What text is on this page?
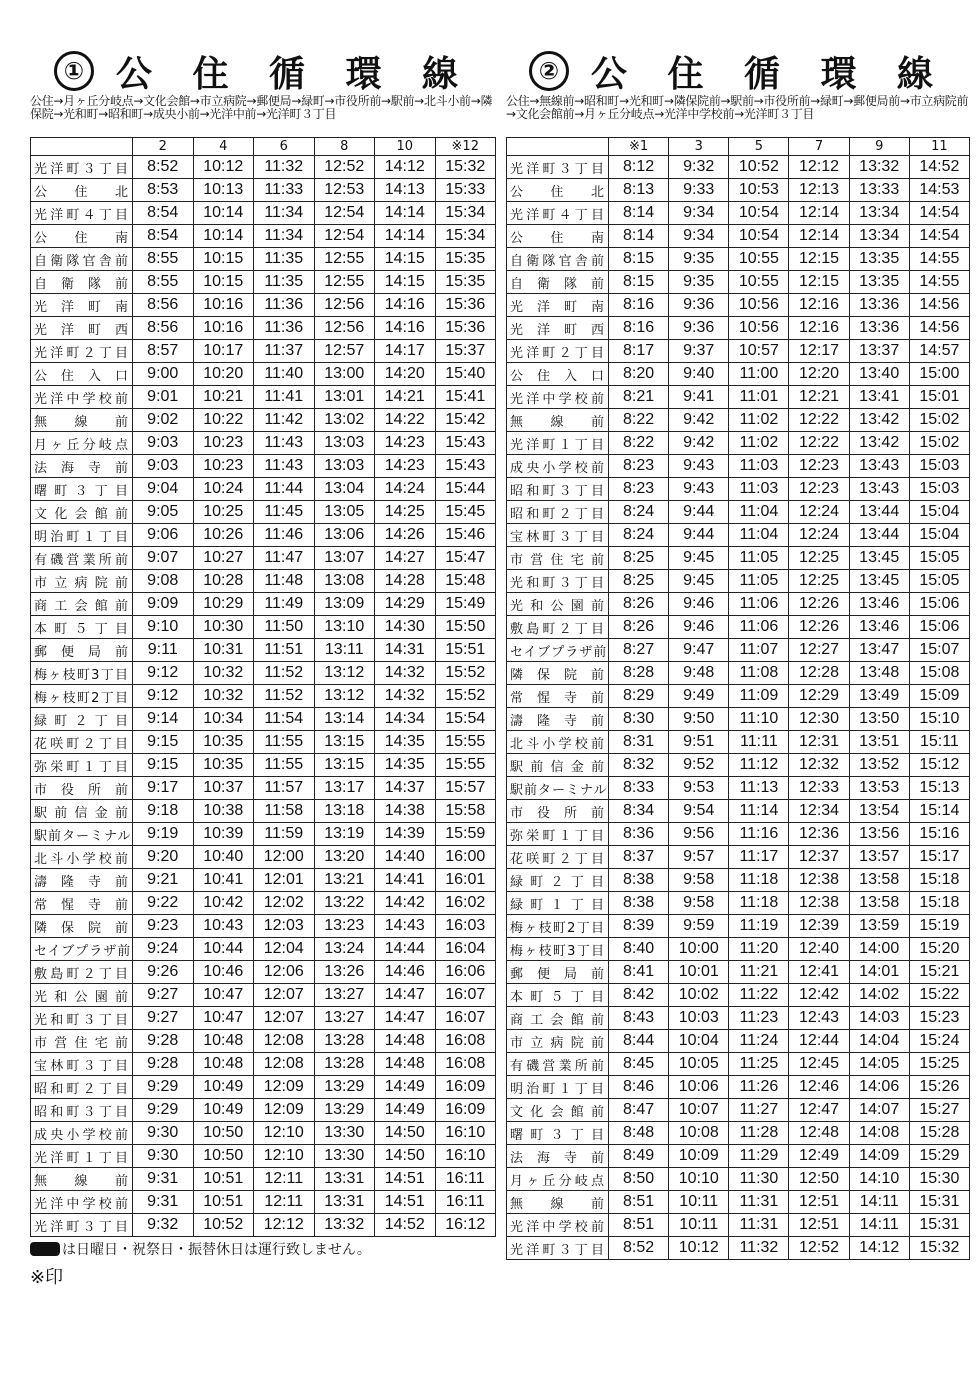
① 公 住 循 環 線
公住→月ヶ丘分岐点→文化会館→市立病院→郵便局→緑町→市役所前→駅前→北斗小前→隣保院→光和町→昭和町→成央小前→光洋中前→光洋町３丁目
	2	4	6	8	10	※12
光洋町３丁目	8:52	10:12	11:32	12:52	14:12	15:32
公住北	8:53	10:13	11:33	12:53	14:13	15:33
光洋町４丁目	8:54	10:14	11:34	12:54	14:14	15:34
公住南	8:54	10:14	11:34	12:54	14:14	15:34
自衛隊官舎前	8:55	10:15	11:35	12:55	14:15	15:35
自衛隊前	8:55	10:15	11:35	12:55	14:15	15:35
光洋町南	8:56	10:16	11:36	12:56	14:16	15:36
光洋町西	8:56	10:16	11:36	12:56	14:16	15:36
光洋町２丁目	8:57	10:17	11:37	12:57	14:17	15:37
公住入口	9:00	10:20	11:40	13:00	14:20	15:40
光洋中学校前	9:01	10:21	11:41	13:01	14:21	15:41
無線前	9:02	10:22	11:42	13:02	14:22	15:42
月ヶ丘分岐点	9:03	10:23	11:43	13:03	14:23	15:43
法海寺前	9:03	10:23	11:43	13:03	14:23	15:43
曙町３丁目	9:04	10:24	11:44	13:04	14:24	15:44
文化会館前	9:05	10:25	11:45	13:05	14:25	15:45
明治町１丁目	9:06	10:26	11:46	13:06	14:26	15:46
有磯営業所前	9:07	10:27	11:47	13:07	14:27	15:47
市立病院前	9:08	10:28	11:48	13:08	14:28	15:48
商工会館前	9:09	10:29	11:49	13:09	14:29	15:49
本町５丁目	9:10	10:30	11:50	13:10	14:30	15:50
郵便局前	9:11	10:31	11:51	13:11	14:31	15:51
梅ヶ枝町3丁目	9:12	10:32	11:52	13:12	14:32	15:52
梅ヶ枝町2丁目	9:12	10:32	11:52	13:12	14:32	15:52
緑町２丁目	9:14	10:34	11:54	13:14	14:34	15:54
花咲町２丁目	9:15	10:35	11:55	13:15	14:35	15:55
弥栄町１丁目	9:15	10:35	11:55	13:15	14:35	15:55
市役所前	9:17	10:37	11:57	13:17	14:37	15:57
駅前信金前	9:18	10:38	11:58	13:18	14:38	15:58
駅前ターミナル	9:19	10:39	11:59	13:19	14:39	15:59
北斗小学校前	9:20	10:40	12:00	13:20	14:40	16:00
濤隆寺前	9:21	10:41	12:01	13:21	14:41	16:01
常惺寺前	9:22	10:42	12:02	13:22	14:42	16:02
隣保院前	9:23	10:43	12:03	13:23	14:43	16:03
セイブプラザ前	9:24	10:44	12:04	13:24	14:44	16:04
敷島町２丁目	9:26	10:46	12:06	13:26	14:46	16:06
光和公園前	9:27	10:47	12:07	13:27	14:47	16:07
光和町３丁目	9:27	10:47	12:07	13:27	14:47	16:07
市営住宅前	9:28	10:48	12:08	13:28	14:48	16:08
宝林町３丁目	9:28	10:48	12:08	13:28	14:48	16:08
昭和町２丁目	9:29	10:49	12:09	13:29	14:49	16:09
昭和町３丁目	9:29	10:49	12:09	13:29	14:49	16:09
成央小学校前	9:30	10:50	12:10	13:30	14:50	16:10
光洋町１丁目	9:30	10:50	12:10	13:30	14:50	16:10
無線前	9:31	10:51	12:11	13:31	14:51	16:11
光洋中学校前	9:31	10:51	12:11	13:31	14:51	16:11
光洋町３丁目	9:32	10:52	12:12	13:32	14:52	16:12
は日曜日・祝祭日・振替休日は運行致しません。
※印
② 公 住 循 環 線
公住→無線前→昭和町→光和町→隣保院前→駅前→市役所前→緑町→郵便局前→市立病院前→文化会館前→月ヶ丘分岐点→光洋中学校前→光洋町３丁目
	※1	3	5	7	9	11
光洋町３丁目	8:12	9:32	10:52	12:12	13:32	14:52
公住北	8:13	9:33	10:53	12:13	13:33	14:53
光洋町４丁目	8:14	9:34	10:54	12:14	13:34	14:54
公住南	8:14	9:34	10:54	12:14	13:34	14:54
自衛隊官舎前	8:15	9:35	10:55	12:15	13:35	14:55
自衛隊前	8:15	9:35	10:55	12:15	13:35	14:55
光洋町南	8:16	9:36	10:56	12:16	13:36	14:56
光洋町西	8:16	9:36	10:56	12:16	13:36	14:56
光洋町２丁目	8:17	9:37	10:57	12:17	13:37	14:57
公住入口	8:20	9:40	11:00	12:20	13:40	15:00
光洋中学校前	8:21	9:41	11:01	12:21	13:41	15:01
無線前	8:22	9:42	11:02	12:22	13:42	15:02
光洋町１丁目	8:22	9:42	11:02	12:22	13:42	15:02
成央小学校前	8:23	9:43	11:03	12:23	13:43	15:03
昭和町３丁目	8:23	9:43	11:03	12:23	13:43	15:03
昭和町２丁目	8:24	9:44	11:04	12:24	13:44	15:04
宝林町３丁目	8:24	9:44	11:04	12:24	13:44	15:04
市営住宅前	8:25	9:45	11:05	12:25	13:45	15:05
光和町３丁目	8:25	9:45	11:05	12:25	13:45	15:05
光和公園前	8:26	9:46	11:06	12:26	13:46	15:06
敷島町２丁目	8:26	9:46	11:06	12:26	13:46	15:06
セイブプラザ前	8:27	9:47	11:07	12:27	13:47	15:07
隣保院前	8:28	9:48	11:08	12:28	13:48	15:08
常惺寺前	8:29	9:49	11:09	12:29	13:49	15:09
濤隆寺前	8:30	9:50	11:10	12:30	13:50	15:10
北斗小学校前	8:31	9:51	11:11	12:31	13:51	15:11
駅前信金前	8:32	9:52	11:12	12:32	13:52	15:12
駅前ターミナル	8:33	9:53	11:13	12:33	13:53	15:13
市役所前	8:34	9:54	11:14	12:34	13:54	15:14
弥栄町１丁目	8:36	9:56	11:16	12:36	13:56	15:16
花咲町２丁目	8:37	9:57	11:17	12:37	13:57	15:17
緑町２丁目	8:38	9:58	11:18	12:38	13:58	15:18
緑町１丁目	8:38	9:58	11:18	12:38	13:58	15:18
梅ヶ枝町2丁目	8:39	9:59	11:19	12:39	13:59	15:19
梅ヶ枝町3丁目	8:40	10:00	11:20	12:40	14:00	15:20
郵便局前	8:41	10:01	11:21	12:41	14:01	15:21
本町５丁目	8:42	10:02	11:22	12:42	14:02	15:22
商工会館前	8:43	10:03	11:23	12:43	14:03	15:23
市立病院前	8:44	10:04	11:24	12:44	14:04	15:24
有磯営業所前	8:45	10:05	11:25	12:45	14:05	15:25
明治町１丁目	8:46	10:06	11:26	12:46	14:06	15:26
文化会館前	8:47	10:07	11:27	12:47	14:07	15:27
曙町３丁目	8:48	10:08	11:28	12:48	14:08	15:28
法海寺前	8:49	10:09	11:29	12:49	14:09	15:29
月ヶ丘分岐点	8:50	10:10	11:30	12:50	14:10	15:30
無線前	8:51	10:11	11:31	12:51	14:11	15:31
光洋中学校前	8:51	10:11	11:31	12:51	14:11	15:31
光洋町３丁目	8:52	10:12	11:32	12:52	14:12	15:32
